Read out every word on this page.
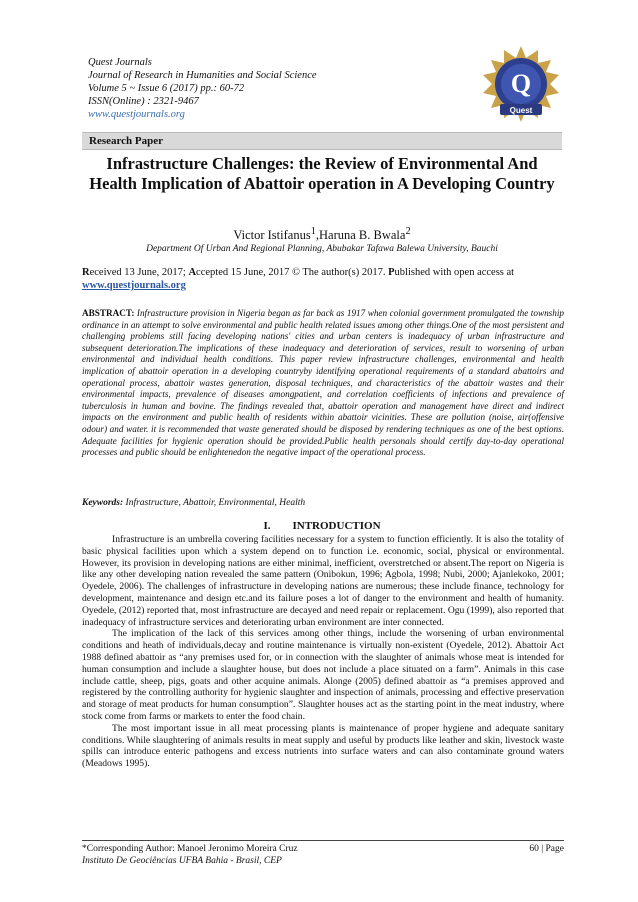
Quest Journals
Journal of Research in Humanities and Social Science
Volume 5 ~ Issue 6 (2017) pp.: 60-72
ISSN(Online) : 2321-9467
www.questjournals.org
Q
Quest
Research Paper
Infrastructure Challenges: the Review of Environmental And Health Implication of Abattoir operation in A Developing Country
Victor Istifanus$^1$,Haruna B. Bwala$^2$
Department Of Urban And Regional Planning, Abubakar Tafawa Balewa University, Bauchi
Received 13 June, 2017; Accepted 15 June, 2017 © The author(s) 2017. Published with open access at www.questjournals.org
ABSTRACT: Infrastructure provision in Nigeria began as far back as 1917 when colonial government promulgated the township ordinance in an attempt to solve environmental and public health related issues among other things.One of the most persistent and challenging problems still facing developing nations' cities and urban centers is inadequacy of urban infrastructure and subsequent deterioration.The implications of these inadequacy and deterioration of services, result to worsening of urban environmental and individual health conditions. This paper review infrastructure challenges, environmental and health implication of abattoir operation in a developing countryby identifying operational requirements of a standard abattoirs and operational process, abattoir wastes generation, disposal techniques, and characteristics of the abattoir wastes and their environmental impacts, prevalence of diseases amongpatient, and correlation coefficients of infections and prevalence of tuberculosis in human and bovine. The findings revealed that, abattoir operation and management have direct and indirect impacts on the environment and public health of residents within abattoir vicinities. These are pollution (noise, air(offensive odour) and water. it is recommended that waste generated should be disposed by rendering techniques as one of the best options. Adequate facilities for hygienic operation should be provided.Public health personals should certify day-to-day operational processes and public should be enlightenedon the negative impact of the operational process.
Keywords: Infrastructure, Abattoir, Environmental, Health
I. INTRODUCTION

Infrastructure is an umbrella covering facilities necessary for a system to function efficiently. It is also the totality of basic physical facilities upon which a system depend on to function i.e. economic, social, physical or environmental. However, its provision in developing nations are either minimal, inefficient, overstretched or absent.The report on Nigeria is like any other developing nation revealed the same pattern (Onibokun, 1996; Agbola, 1998; Nubi, 2000; Ajanlekoko, 2001; Oyedele, 2006). The challenges of infrastructure in developing nations are numerous; these include finance, technology for development, maintenance and design etc.and its failure poses a lot of danger to the environment and health of humanity. Oyedele, (2012) reported that, most infrastructure are decayed and need repair or replacement. Ogu (1999), also reported that inadequacy of infrastructure services and deteriorating urban environment are inter connected.

The implication of the lack of this services among other things, include the worsening of urban environmental conditions and heath of individuals,decay and routine maintenance is virtually non-existent (Oyedele, 2012). Abattoir Act 1988 defined abattoir as “any premises used for, or in connection with the slaughter of animals whose meat is intended for human consumption and include a slaughter house, but does not include a place situated on a farm”. Animals in this case include cattle, sheep, pigs, goats and other acquine animals. Alonge (2005) defined abattoir as “a premises approved and registered by the controlling authority for hygienic slaughter and inspection of animals, processing and effective preservation and storage of meat products for human consumption”. Slaughter houses act as the starting point in the meat industry, where stock come from farms or markets to enter the food chain.

The most important issue in all meat processing plants is maintenance of proper hygiene and adequate sanitary conditions. While slaughtering of animals results in meat supply and useful by products like leather and skin, livestock waste spills can introduce enteric pathogens and excess nutrients into surface waters and can also contaminate ground waters (Meadows 1995).

*Corresponding Author: Manoel Jeronimo Moreira Cruz
Instituto De Geociências UFBA Bahia - Brasil, CEP
60 | Page
